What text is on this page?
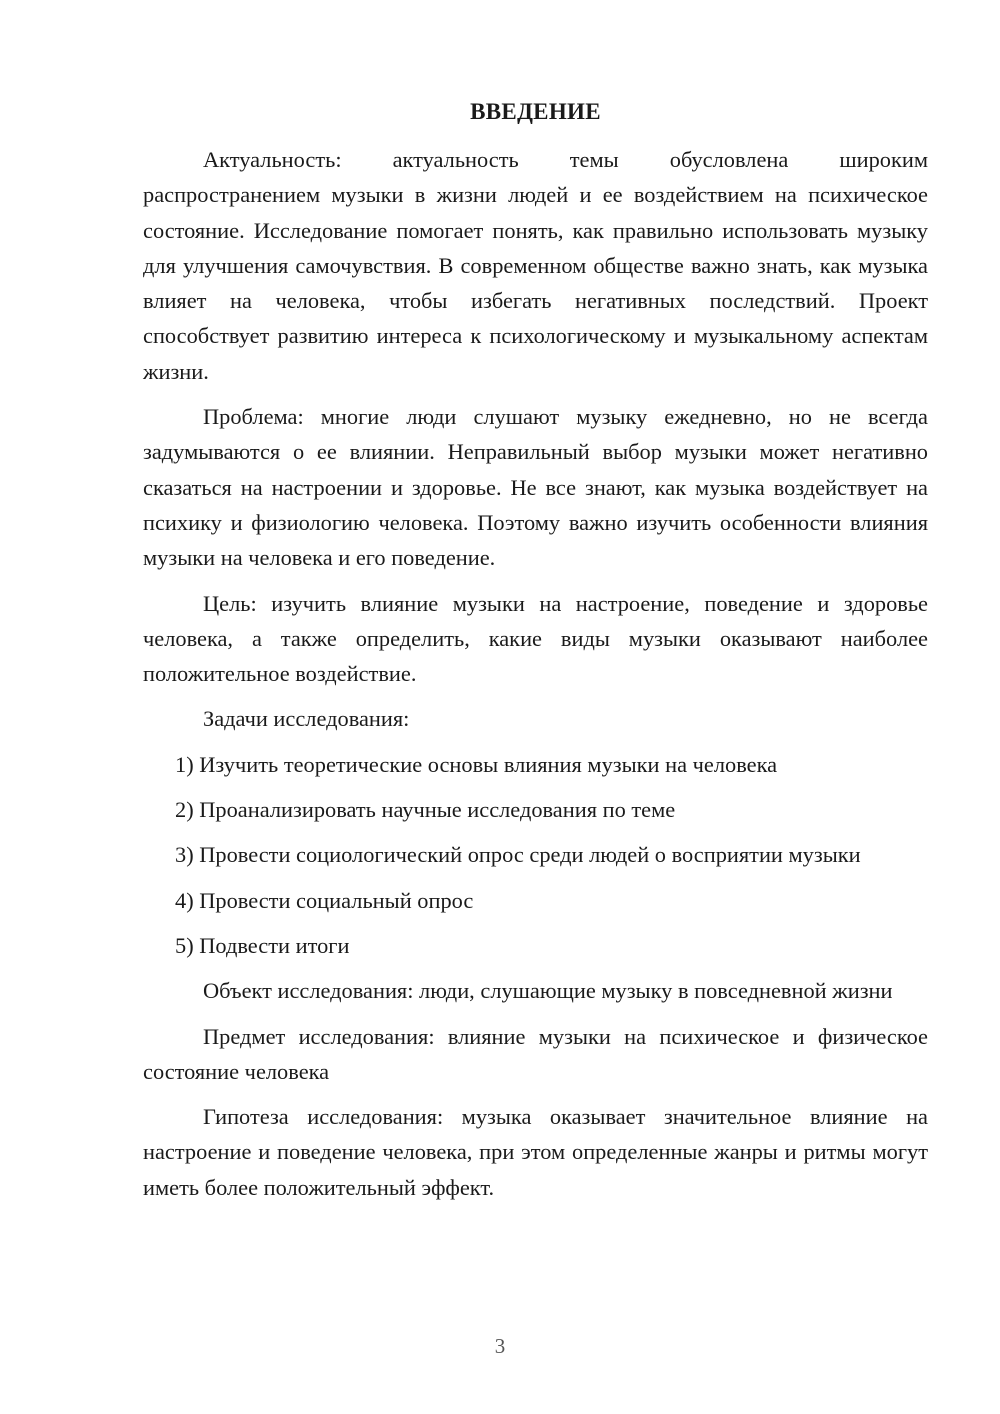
ВВЕДЕНИЕ

Актуальность: актуальность темы обусловлена широким распространением музыки в жизни людей и ее воздействием на психическое состояние. Исследование помогает понять, как правильно использовать музыку для улучшения самочувствия. В современном обществе важно знать, как музыка влияет на человека, чтобы избегать негативных последствий. Проект способствует развитию интереса к психологическому и музыкальному аспектам жизни.

Проблема: многие люди слушают музыку ежедневно, но не всегда задумываются о ее влиянии. Неправильный выбор музыки может негативно сказаться на настроении и здоровье. Не все знают, как музыка воздействует на психику и физиологию человека. Поэтому важно изучить особенности влияния музыки на человека и его поведение.

Цель: изучить влияние музыки на настроение, поведение и здоровье человека, а также определить, какие виды музыки оказывают наиболее положительное воздействие.

Задачи исследования:

1) Изучить теоретические основы влияния музыки на человека

2) Проанализировать научные исследования по теме

3) Провести социологический опрос среди людей о восприятии музыки

4) Провести социальный опрос

5) Подвести итоги

Объект исследования: люди, слушающие музыку в повседневной жизни

Предмет исследования: влияние музыки на психическое и физическое состояние человека

Гипотеза исследования: музыка оказывает значительное влияние на настроение и поведение человека, при этом определенные жанры и ритмы могут иметь более положительный эффект.

3
